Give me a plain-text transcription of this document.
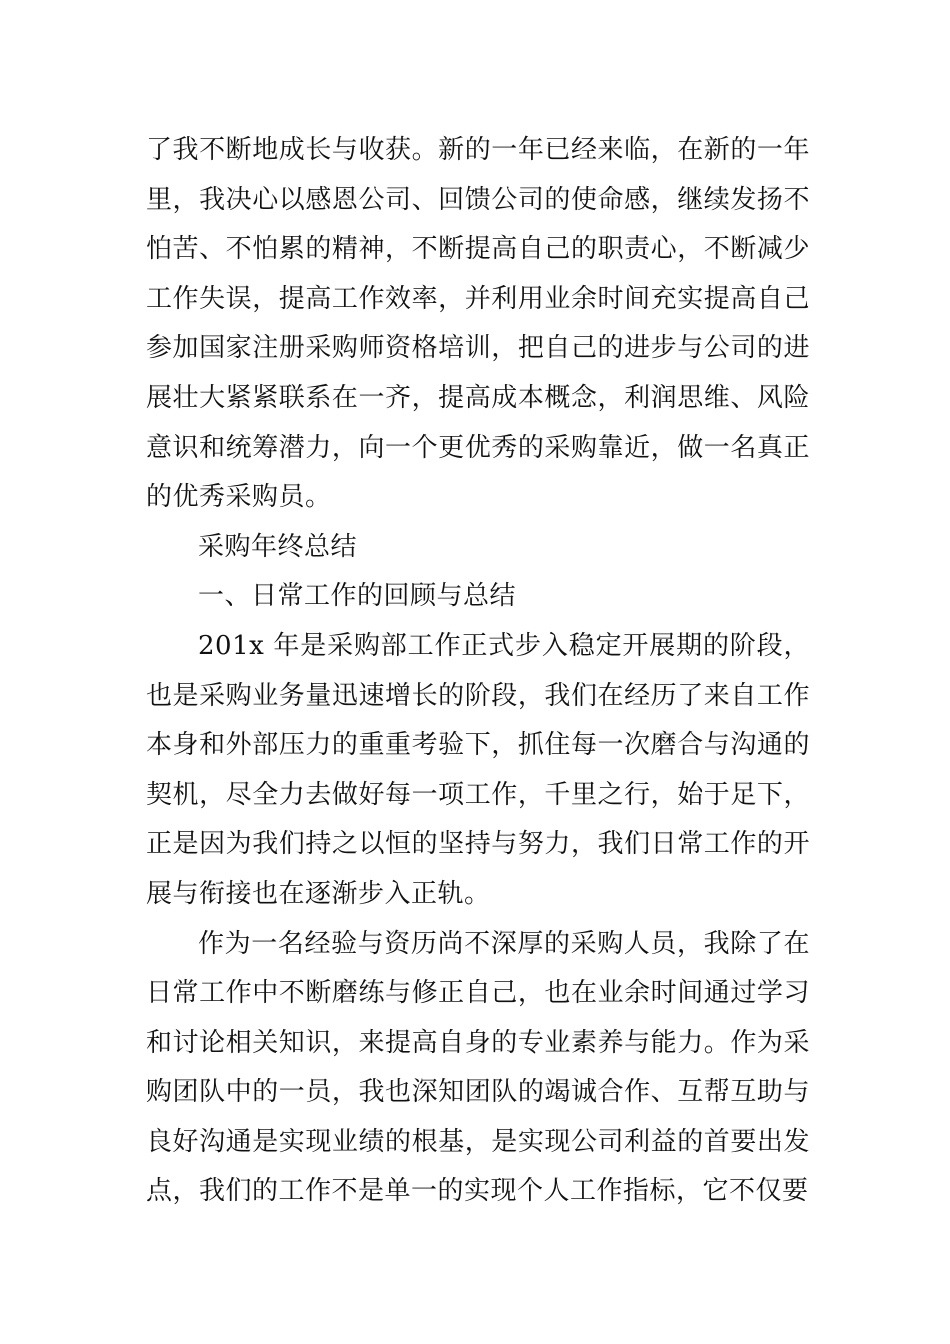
了我不断地成长与收获。新的一年已经来临，在新的一年里，我决心以感恩公司、回馈公司的使命感，继续发扬不怕苦、不怕累的精神，不断提高自己的职责心，不断减少工作失误，提高工作效率，并利用业余时间充实提高自己参加国家注册采购师资格培训，把自己的进步与公司的进展壮大紧紧联系在一齐，提高成本概念，利润思维、风险意识和统筹潜力，向一个更优秀的采购靠近，做一名真正的优秀采购员。

采购年终总结

一、日常工作的回顾与总结

201x 年是采购部工作正式步入稳定开展期的阶段，也是采购业务量迅速增长的阶段，我们在经历了来自工作本身和外部压力的重重考验下，抓住每一次磨合与沟通的契机，尽全力去做好每一项工作，千里之行，始于足下，正是因为我们持之以恒的坚持与努力，我们日常工作的开展与衔接也在逐渐步入正轨。

作为一名经验与资历尚不深厚的采购人员，我除了在日常工作中不断磨练与修正自己，也在业余时间通过学习和讨论相关知识，来提高自身的专业素养与能力。作为采购团队中的一员，我也深知团队的竭诚合作、互帮互助与良好沟通是实现业绩的根基，是实现公司利益的首要出发点，我们的工作不是单一的实现个人工作指标，它不仅要
